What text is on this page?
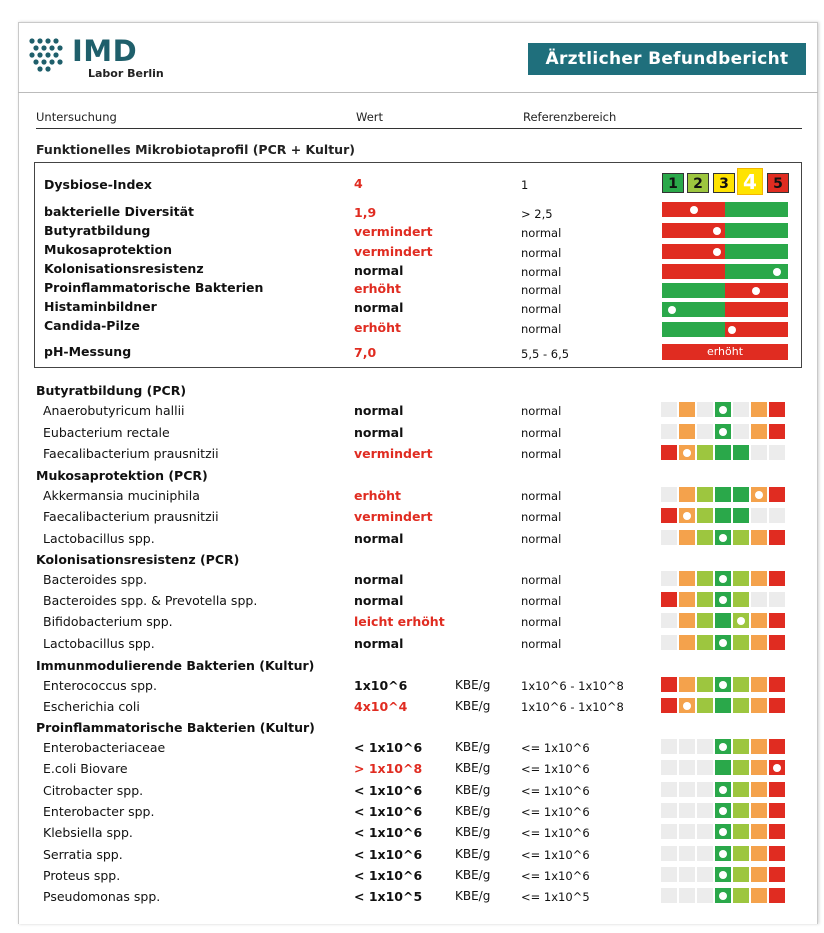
IMD
Labor Berlin
Ärztlicher Befundbericht
Untersuchung	Wert	Referenzbereich
Funktionelles Mikrobiotaprofil (PCR + Kultur)
Dysbiose-Index	4	1	1	2	3 4	5
bakterielle Diversität	1,9	> 2,5
Butyratbildung	vermindert	normal
Mukosaprotektion	vermindert	normal
Kolonisationsresistenz	normal	normal
Proinflammatorische Bakterien	erhöht	normal
Histaminbildner	normal	normal
Candida-Pilze	erhöht	normal
pH-Messung	7,0	5,5 - 6,5	erhöht
Butyratbildung (PCR)
Anaerobutyricum hallii	normal	normal
Eubacterium rectale	normal	normal
Faecalibacterium prausnitzii	vermindert	normal
Mukosaprotektion (PCR)
Akkermansia muciniphila	erhöht	normal
Faecalibacterium prausnitzii	vermindert	normal
Lactobacillus spp.	normal	normal
Kolonisationsresistenz (PCR)
Bacteroides spp.	normal	normal
Bacteroides spp. & Prevotella spp.	normal	normal
Bifidobacterium spp.	leicht erhöht	normal
Lactobacillus spp.	normal	normal
Immunmodulierende Bakterien (Kultur)
Enterococcus spp.	1x10^6	KBE/g	1x10^6 - 1x10^8
Escherichia coli	4x10^4	KBE/g	1x10^6 - 1x10^8
Proinflammatorische Bakterien (Kultur)
Enterobacteriaceae	< 1x10^6	KBE/g	<= 1x10^6
E.coli Biovare	> 1x10^8	KBE/g	<= 1x10^6
Citrobacter spp.	< 1x10^6	KBE/g	<= 1x10^6
Enterobacter spp.	< 1x10^6	KBE/g	<= 1x10^6
Klebsiella spp.	< 1x10^6	KBE/g	<= 1x10^6
Serratia spp.	< 1x10^6	KBE/g	<= 1x10^6
Proteus spp.	< 1x10^6	KBE/g	<= 1x10^6
Pseudomonas spp.	< 1x10^5	KBE/g	<= 1x10^5
